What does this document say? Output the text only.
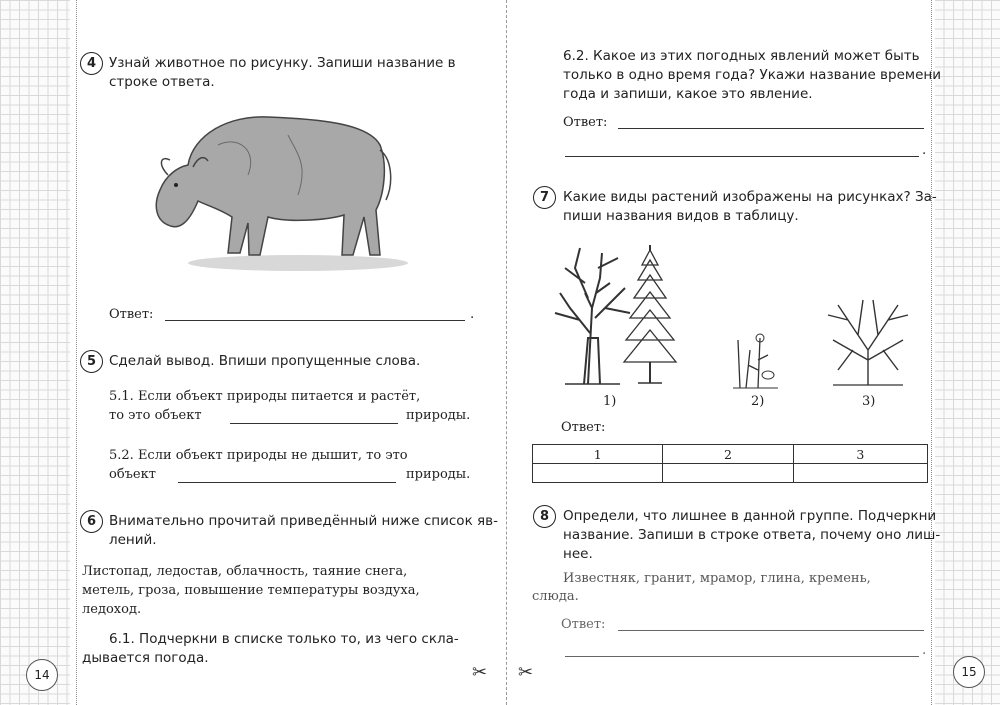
4 Узнай животное по рисунку. Запиши название в
строке ответа.
Ответ:	.
5 Сделай вывод. Впиши пропущенные слова.
5.1. Если объект природы питается и растёт,
то это объект	природы.
5.2. Если объект природы не дышит, то это
объект	природы.
6 Внимательно прочитай приведённый ниже список яв-
лений.
Листопад, ледостав, облачность, таяние снега,
метель, гроза, повышение температуры воздуха,
ледоход.
6.1. Подчеркни в списке только то, из чего скла-
дывается погода.
14	✂ ✂
6.2. Какое из этих погодных явлений может быть
только в одно время года? Укажи название времени
года и запиши, какое это явление.
Ответ:
.
7	Какие виды растений изображены на рисунках? За-
пиши названия видов в таблицу.
1)	2)	3)
Ответ:
1	2	3

8	Определи, что лишнее в данной группе. Подчеркни
название. Запиши в строке ответа, почему оно лиш-
нее.
Известняк, гранит, мрамор, глина, кремень,
слюда.
Ответ:
.
15
